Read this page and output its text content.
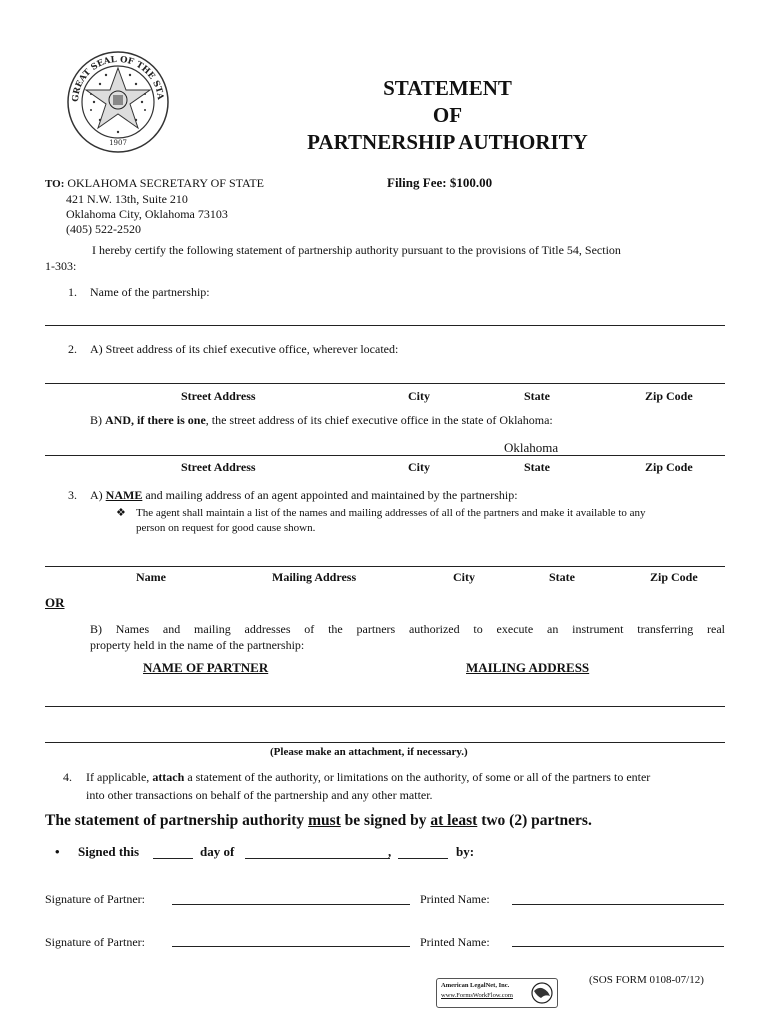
GREAT SEAL OF THE STA
1907
STATEMENT
OF
PARTNERSHIP AUTHORITY
TO: OKLAHOMA SECRETARY OF STATE
421 N.W. 13th, Suite 210
Oklahoma City, Oklahoma 73103
(405) 522-2520
Filing Fee: $100.00
I hereby certify the following statement of partnership authority pursuant to the provisions of Title 54, Section
1-303:
1. Name of the partnership:
2. A) Street address of its chief executive office, wherever located:
Street Address	City	State	Zip Code
B) AND, if there is one, the street address of its chief executive office in the state of Oklahoma:
Oklahoma
Street Address	City	State	Zip Code
3. A) NAME and mailing address of an agent appointed and maintained by the partnership:
❖ The agent shall maintain a list of the names and mailing addresses of all of the partners and make it available to any
person on request for good cause shown.
Name	Mailing Address	City	State	Zip Code
OR
B) Names and mailing addresses of the partners authorized to execute an instrument transferring real
property held in the name of the partnership:
NAME OF PARTNER	MAILING ADDRESS
(Please make an attachment, if necessary.)
4. If applicable, attach a statement of the authority, or limitations on the authority, of some or all of the partners to enter
into other transactions on behalf of the partnership and any other matter.
The statement of partnership authority must be signed by at least two (2) partners.
• Signed this	day of	,	by:
Signature of Partner:	Printed Name:
Signature of Partner:	Printed Name:
American LegalNet, Inc.
www.FormsWorkFlow.com
(SOS FORM 0108-07/12)
